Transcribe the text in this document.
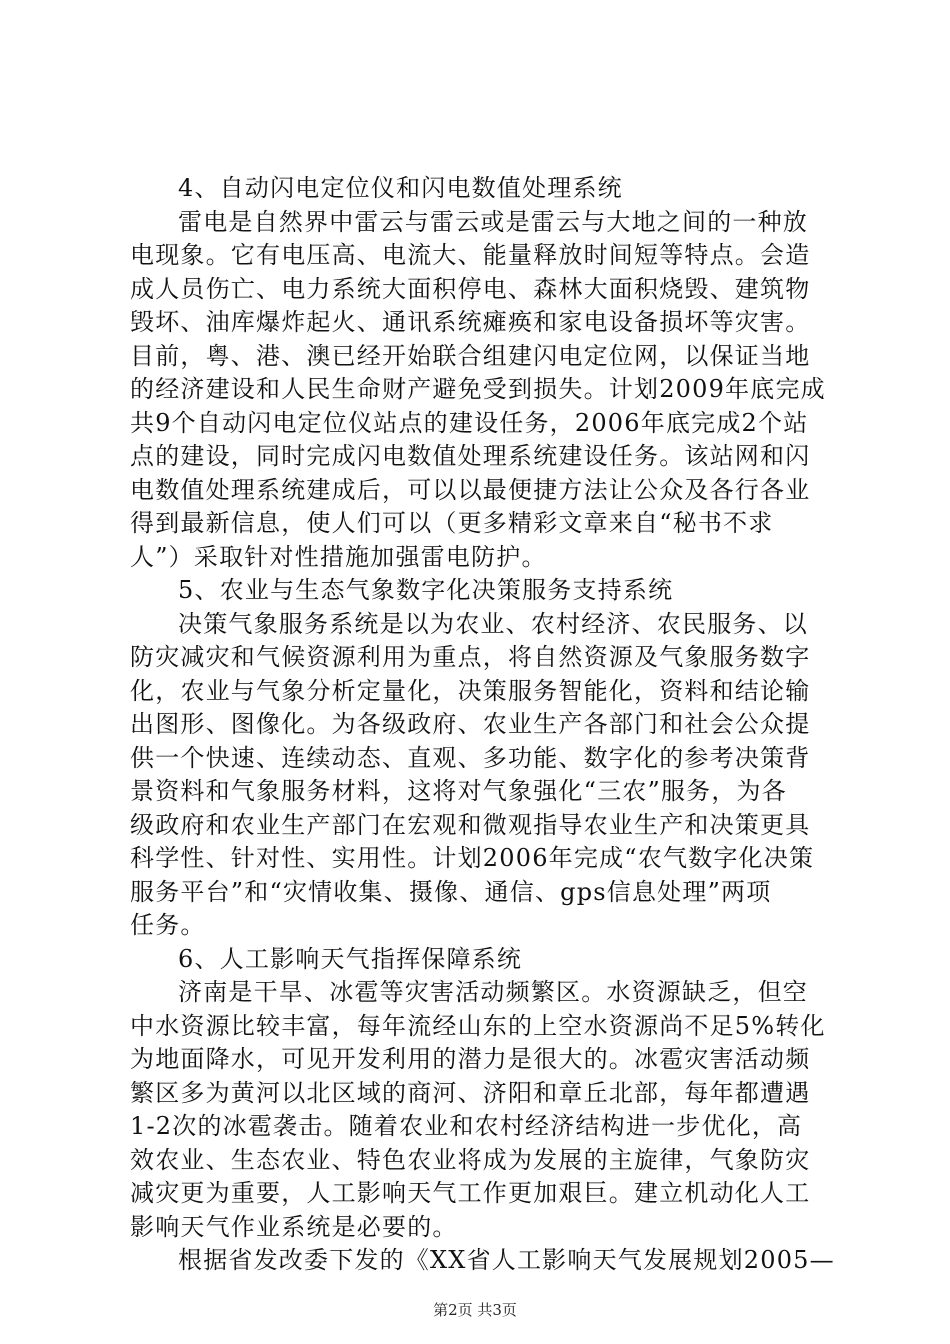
4、自动闪电定位仪和闪电数值处理系统
雷电是自然界中雷云与雷云或是雷云与大地之间的一种放
电现象。它有电压高、电流大、能量释放时间短等特点。会造
成人员伤亡、电力系统大面积停电、森林大面积烧毁、建筑物
毁坏、油库爆炸起火、通讯系统瘫痪和家电设备损坏等灾害。
目前，粤、港、澳已经开始联合组建闪电定位网，以保证当地
的经济建设和人民生命财产避免受到损失。计划2009年底完成
共9个自动闪电定位仪站点的建设任务，2006年底完成2个站
点的建设，同时完成闪电数值处理系统建设任务。该站网和闪
电数值处理系统建成后，可以以最便捷方法让公众及各行各业
得到最新信息，使人们可以（更多精彩文章来自“秘书不求
人”）采取针对性措施加强雷电防护。
5、农业与生态气象数字化决策服务支持系统
决策气象服务系统是以为农业、农村经济、农民服务、以
防灾减灾和气候资源利用为重点，将自然资源及气象服务数字
化，农业与气象分析定量化，决策服务智能化，资料和结论输
出图形、图像化。为各级政府、农业生产各部门和社会公众提
供一个快速、连续动态、直观、多功能、数字化的参考决策背
景资料和气象服务材料，这将对气象强化“三农”服务，为各
级政府和农业生产部门在宏观和微观指导农业生产和决策更具
科学性、针对性、实用性。计划2006年完成“农气数字化决策
服务平台”和“灾情收集、摄像、通信、gps信息处理”两项
任务。
6、人工影响天气指挥保障系统
济南是干旱、冰雹等灾害活动频繁区。水资源缺乏，但空
中水资源比较丰富，每年流经山东的上空水资源尚不足5%转化
为地面降水，可见开发利用的潜力是很大的。冰雹灾害活动频
繁区多为黄河以北区域的商河、济阳和章丘北部，每年都遭遇
1-2次的冰雹袭击。随着农业和农村经济结构进一步优化，高
效农业、生态农业、特色农业将成为发展的主旋律，气象防灾
减灾更为重要，人工影响天气工作更加艰巨。建立机动化人工
影响天气作业系统是必要的。
根据省发改委下发的《XX省人工影响天气发展规划2005—
第2页 共3页
